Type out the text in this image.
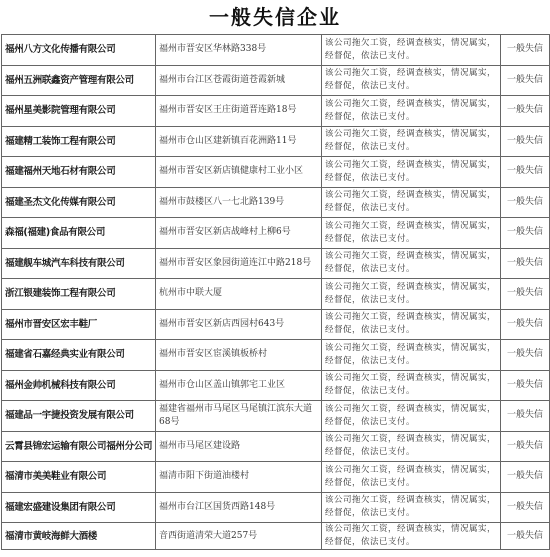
一般失信企业
福州八方文化传播有限公司	福州市晋安区华林路338号	该公司拖欠工资，经调查核实，情况属实，经督促，依法已支付。	一般失信
福州五洲联鑫资产管理有限公司	福州市台江区苍霞街道苍霞新城	该公司拖欠工资，经调查核实，情况属实，经督促，依法已支付。	一般失信
福州星美影院管理有限公司	福州市晋安区王庄街道晋连路18号	该公司拖欠工资，经调查核实，情况属实，经督促，依法已支付。	一般失信
福建精工装饰工程有限公司	福州市仓山区建新镇百花洲路11号	该公司拖欠工资，经调查核实，情况属实，经督促，依法已支付。	一般失信
福建福州天地石材有限公司	福州市晋安区新店镇健康村工业小区	该公司拖欠工资，经调查核实，情况属实，经督促，依法已支付。	一般失信
福建圣杰文化传媒有限公司	福州市鼓楼区八一七北路139号	该公司拖欠工资，经调查核实，情况属实，经督促，依法已支付。	一般失信
森福(福建)食品有限公司	福州市晋安区新店战峰村上柳6号	该公司拖欠工资，经调查核实，情况属实，经督促，依法已支付。	一般失信
福建舰车城汽车科技有限公司	福州市晋安区象园街道连江中路218号	该公司拖欠工资，经调查核实，情况属实，经督促，依法已支付。	一般失信
浙江银建装饰工程有限公司	杭州市中联大厦	该公司拖欠工资，经调查核实，情况属实，经督促，依法已支付。	一般失信
福州市晋安区宏丰鞋厂	福州市晋安区新店西园村643号	该公司拖欠工资，经调查核实，情况属实，经督促，依法已支付。	一般失信
福建省石嘉经典实业有限公司	福州市晋安区宦溪镇板桥村	该公司拖欠工资，经调查核实，情况属实，经督促，依法已支付。	一般失信
福州金帅机械科技有限公司	福州市仓山区盖山镇郭宅工业区	该公司拖欠工资，经调查核实，情况属实，经督促，依法已支付。	一般失信
福建品一宇捷投资发展有限公司	福建省福州市马尾区马尾镇江滨东大道68号	该公司拖欠工资，经调查核实，情况属实，经督促，依法已支付。	一般失信
云霄县锦宏运输有限公司福州分公司	福州市马尾区建设路	该公司拖欠工资，经调查核实，情况属实，经督促，依法已支付。	一般失信
福清市美美鞋业有限公司	福清市阳下街道油楼村	该公司拖欠工资，经调查核实，情况属实，经督促，依法已支付。	一般失信
福建宏盛建设集团有限公司	福州市台江区国货西路148号	该公司拖欠工资，经调查核实，情况属实，经督促，依法已支付。	一般失信
福清市黄岐海鲜大酒楼	音西街道清荣大道257号	该公司拖欠工资，经调查核实，情况属实，经督促，依法已支付。	一般失信
